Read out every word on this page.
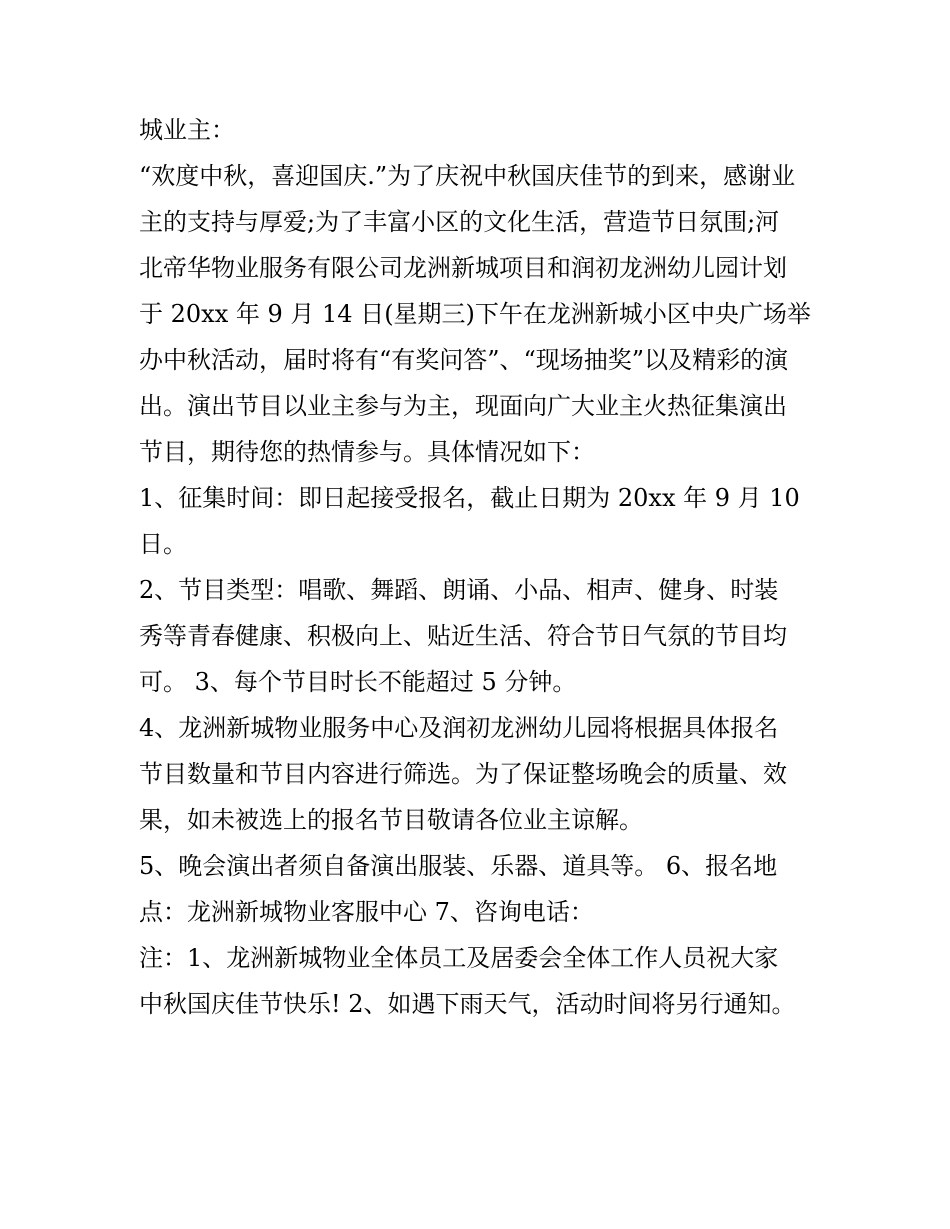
城业主：

“欢度中秋，喜迎国庆.”为了庆祝中秋国庆佳节的到来，感谢业

主的支持与厚爱;为了丰富小区的文化生活，营造节日氛围;河

北帝华物业服务有限公司龙洲新城项目和润初龙洲幼儿园计划

于 20xx 年 9 月 14 日(星期三)下午在龙洲新城小区中央广场举

办中秋活动，届时将有“有奖问答”、“现场抽奖”以及精彩的演

出。演出节目以业主参与为主，现面向广大业主火热征集演出

节目，期待您的热情参与。具体情况如下：

1、征集时间：即日起接受报名，截止日期为 20xx 年 9 月 10

日。

2、节目类型：唱歌、舞蹈、朗诵、小品、相声、健身、时装

秀等青春健康、积极向上、贴近生活、符合节日气氛的节目均

可。 3、每个节目时长不能超过 5 分钟。

4、龙洲新城物业服务中心及润初龙洲幼儿园将根据具体报名

节目数量和节目内容进行筛选。为了保证整场晚会的质量、效

果，如未被选上的报名节目敬请各位业主谅解。

5、晚会演出者须自备演出服装、乐器、道具等。 6、报名地

点：龙洲新城物业客服中心 7、咨询电话：

注：1、龙洲新城物业全体员工及居委会全体工作人员祝大家

中秋国庆佳节快乐! 2、如遇下雨天气，活动时间将另行通知。
